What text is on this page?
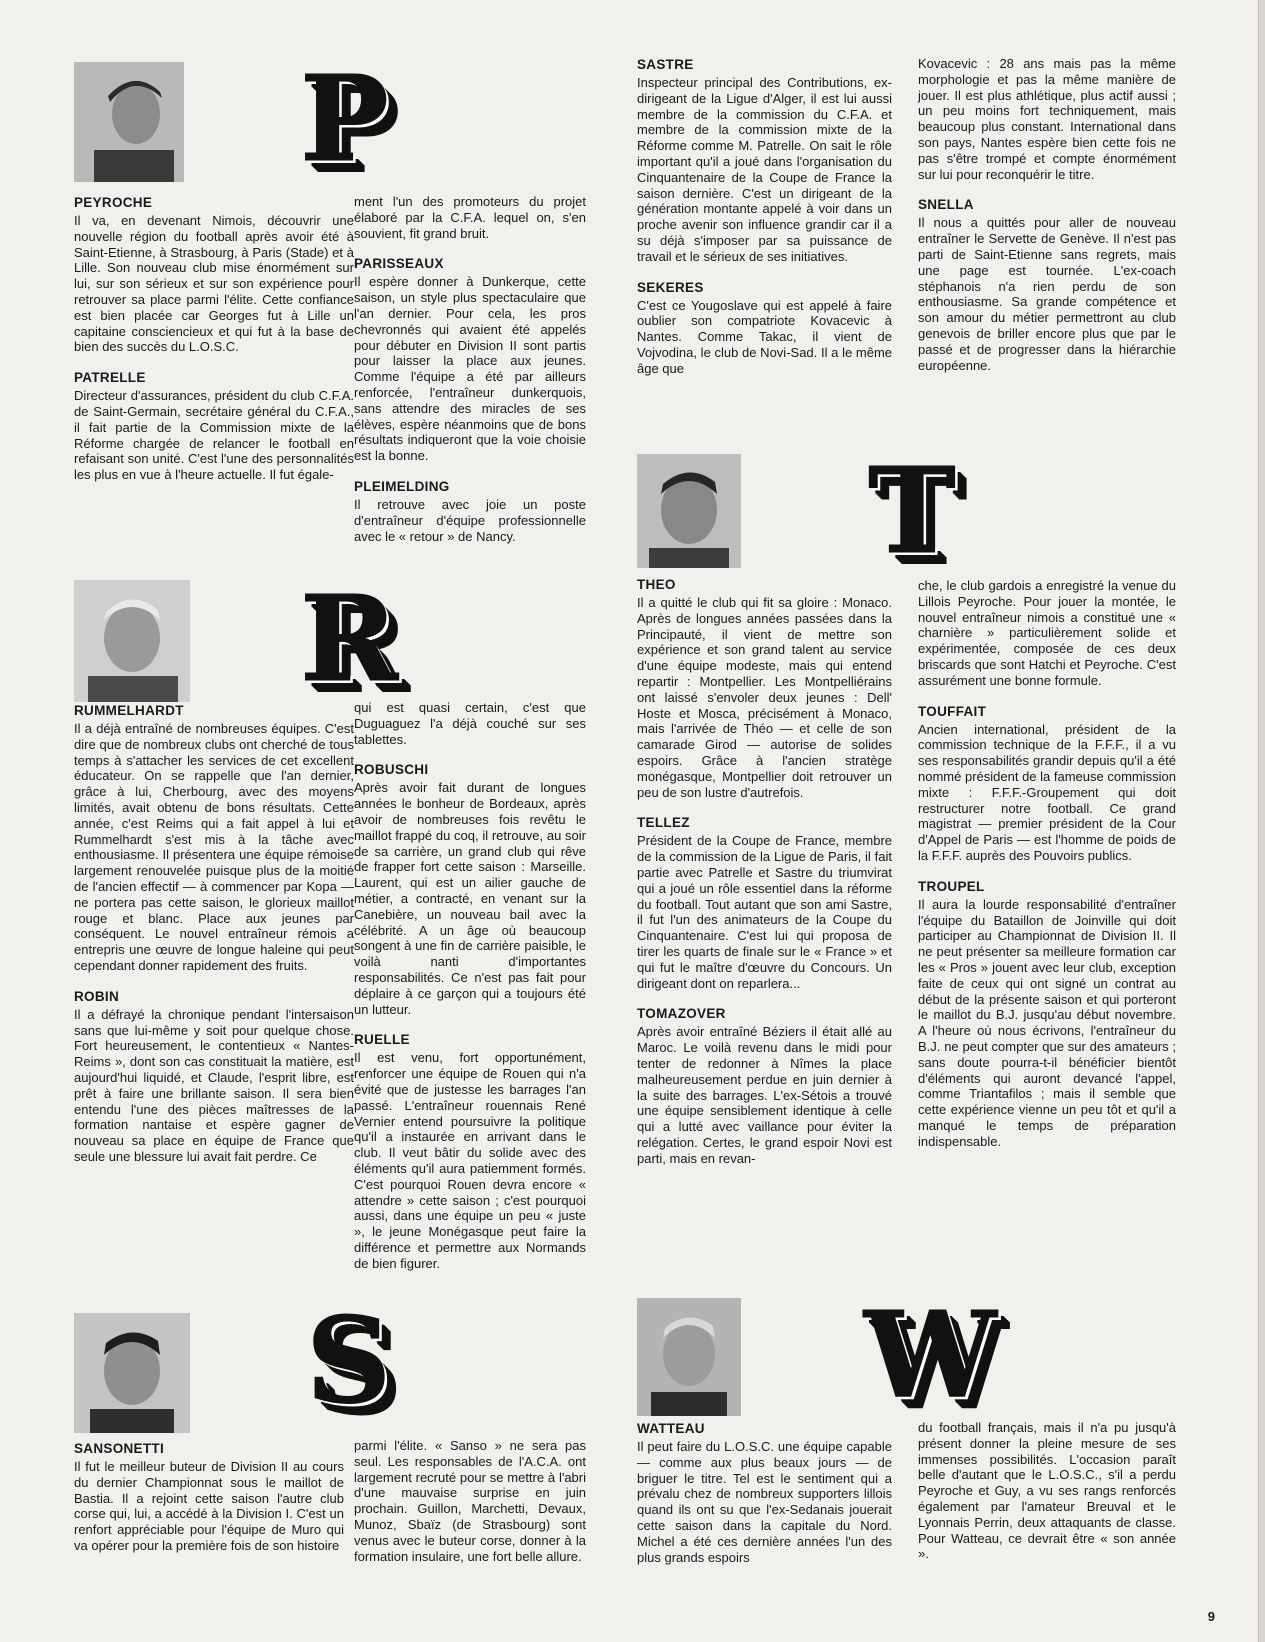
P
R
S
T
W
PEYROCHE

Il va, en devenant Nimois, découvrir une nouvelle région du football après avoir été à Saint-Etienne, à Strasbourg, à Paris (Stade) et à Lille. Son nouveau club mise énormément sur lui, sur son sérieux et sur son expérience pour retrouver sa place parmi l'élite. Cette confiance est bien placée car Georges fut à Lille un capitaine consciencieux et qui fut à la base de bien des succès du L.O.S.C.

PATRELLE

Directeur d'assurances, président du club C.F.A. de Saint-Germain, secrétaire général du C.F.A., il fait partie de la Commission mixte de la Réforme chargée de relancer le football en refaisant son unité. C'est l'une des personnalités les plus en vue à l'heure actuelle. Il fut égale-

ment l'un des promoteurs du projet élaboré par la C.F.A. lequel on, s'en souvient, fit grand bruit.

PARISSEAUX

Il espère donner à Dunkerque, cette saison, un style plus spectaculaire que l'an dernier. Pour cela, les pros chevronnés qui avaient été appelés pour débuter en Division II sont partis pour laisser la place aux jeunes. Comme l'équipe a été par ailleurs renforcée, l'entraîneur dunkerquois, sans attendre des miracles de ses élèves, espère néanmoins que de bons résultats indiqueront que la voie choisie est la bonne.

PLEIMELDING

Il retrouve avec joie un poste d'entraîneur d'équipe professionnelle avec le « retour » de Nancy.

RUMMELHARDT

Il a déjà entraîné de nombreuses équipes. C'est dire que de nombreux clubs ont cherché de tous temps à s'attacher les services de cet excellent éducateur. On se rappelle que l'an dernier, grâce à lui, Cherbourg, avec des moyens limités, avait obtenu de bons résultats. Cette année, c'est Reims qui a fait appel à lui et Rummelhardt s'est mis à la tâche avec enthousiasme. Il présentera une équipe rémoise largement renouvelée puisque plus de la moitié de l'ancien effectif — à commencer par Kopa — ne portera pas cette saison, le glorieux maillot rouge et blanc. Place aux jeunes par conséquent. Le nouvel entraîneur rémois a entrepris une œuvre de longue haleine qui peut cependant donner rapidement des fruits.

ROBIN

Il a défrayé la chronique pendant l'intersaison sans que lui-même y soit pour quelque chose. Fort heureusement, le contentieux « Nantes-Reims », dont son cas constituait la matière, est aujourd'hui liquidé, et Claude, l'esprit libre, est prêt à faire une brillante saison. Il sera bien entendu l'une des pièces maîtresses de la formation nantaise et espère gagner de nouveau sa place en équipe de France que seule une blessure lui avait fait perdre. Ce

qui est quasi certain, c'est que Duguaguez l'a déjà couché sur ses tablettes.

ROBUSCHI

Après avoir fait durant de longues années le bonheur de Bordeaux, après avoir de nombreuses fois revêtu le maillot frappé du coq, il retrouve, au soir de sa carrière, un grand club qui rêve de frapper fort cette saison : Marseille. Laurent, qui est un ailier gauche de métier, a contracté, en venant sur la Canebière, un nouveau bail avec la célébrité. A un âge où beaucoup songent à une fin de carrière paisible, le voilà nanti d'importantes responsabilités. Ce n'est pas fait pour déplaire à ce garçon qui a toujours été un lutteur.

RUELLE

Il est venu, fort opportunément, renforcer une équipe de Rouen qui n'a évité que de justesse les barrages l'an passé. L'entraîneur rouennais René Vernier entend poursuivre la politique qu'il a instaurée en arrivant dans le club. Il veut bâtir du solide avec des éléments qu'il aura patiemment formés. C'est pourquoi Rouen devra encore « attendre » cette saison ; c'est pourquoi aussi, dans une équipe un peu « juste », le jeune Monégasque peut faire la différence et permettre aux Normands de bien figurer.

SANSONETTI

Il fut le meilleur buteur de Division II au cours du dernier Championnat sous le maillot de Bastia. Il a rejoint cette saison l'autre club corse qui, lui, a accédé à la Division I. C'est un renfort appréciable pour l'équipe de Muro qui va opérer pour la première fois de son histoire

parmi l'élite. « Sanso » ne sera pas seul. Les responsables de l'A.C.A. ont largement recruté pour se mettre à l'abri d'une mauvaise surprise en juin prochain. Guillon, Marchetti, Devaux, Munoz, Sbaïz (de Strasbourg) sont venus avec le buteur corse, donner à la formation insulaire, une fort belle allure.

SASTRE

Inspecteur principal des Contributions, ex-dirigeant de la Ligue d'Alger, il est lui aussi membre de la commission du C.F.A. et membre de la commission mixte de la Réforme comme M. Patrelle. On sait le rôle important qu'il a joué dans l'organisation du Cinquantenaire de la Coupe de France la saison dernière. C'est un dirigeant de la génération montante appelé à voir dans un proche avenir son influence grandir car il a su déjà s'imposer par sa puissance de travail et le sérieux de ses initiatives.

SEKERES

C'est ce Yougoslave qui est appelé à faire oublier son compatriote Kovacevic à Nantes. Comme Takac, il vient de Vojvodina, le club de Novi-Sad. Il a le même âge que

Kovacevic : 28 ans mais pas la même morphologie et pas la même manière de jouer. Il est plus athlétique, plus actif aussi ; un peu moins fort techniquement, mais beaucoup plus constant. International dans son pays, Nantes espère bien cette fois ne pas s'être trompé et compte énormément sur lui pour reconquérir le titre.

SNELLA

Il nous a quittés pour aller de nouveau entraîner le Servette de Genève. Il n'est pas parti de Saint-Etienne sans regrets, mais une page est tournée. L'ex-coach stéphanois n'a rien perdu de son enthousiasme. Sa grande compétence et son amour du métier permettront au club genevois de briller encore plus que par le passé et de progresser dans la hiérarchie européenne.

THEO

Il a quitté le club qui fit sa gloire : Monaco. Après de longues années passées dans la Principauté, il vient de mettre son expérience et son grand talent au service d'une équipe modeste, mais qui entend repartir : Montpellier. Les Montpelliérains ont laissé s'envoler deux jeunes : Dell' Hoste et Mosca, précisément à Monaco, mais l'arrivée de Théo — et celle de son camarade Girod — autorise de solides espoirs. Grâce à l'ancien stratège monégasque, Montpellier doit retrouver un peu de son lustre d'autrefois.

TELLEZ

Président de la Coupe de France, membre de la commission de la Ligue de Paris, il fait partie avec Patrelle et Sastre du triumvirat qui a joué un rôle essentiel dans la réforme du football. Tout autant que son ami Sastre, il fut l'un des animateurs de la Coupe du Cinquantenaire. C'est lui qui proposa de tirer les quarts de finale sur le « France » et qui fut le maître d'œuvre du Concours. Un dirigeant dont on reparlera...

TOMAZOVER

Après avoir entraîné Béziers il était allé au Maroc. Le voilà revenu dans le midi pour tenter de redonner à Nîmes la place malheureusement perdue en juin dernier à la suite des barrages. L'ex-Sétois a trouvé une équipe sensiblement identique à celle qui a lutté avec vaillance pour éviter la relégation. Certes, le grand espoir Novi est parti, mais en revan-

che, le club gardois a enregistré la venue du Lillois Peyroche. Pour jouer la montée, le nouvel entraîneur nimois a constitué une « charnière » particulièrement solide et expérimentée, composée de ces deux briscards que sont Hatchi et Peyroche. C'est assurément une bonne formule.

TOUFFAIT

Ancien international, président de la commission technique de la F.F.F., il a vu ses responsabilités grandir depuis qu'il a été nommé président de la fameuse commission mixte : F.F.F.-Groupement qui doit restructurer notre football. Ce grand magistrat — premier président de la Cour d'Appel de Paris — est l'homme de poids de la F.F.F. auprès des Pouvoirs publics.

TROUPEL

Il aura la lourde responsabilité d'entraîner l'équipe du Bataillon de Joinville qui doit participer au Championnat de Division II. Il ne peut présenter sa meilleure formation car les « Pros » jouent avec leur club, exception faite de ceux qui ont signé un contrat au début de la présente saison et qui porteront le maillot du B.J. jusqu'au début novembre. A l'heure où nous écrivons, l'entraîneur du B.J. ne peut compter que sur des amateurs ; sans doute pourra-t-il bénéficier bientôt d'éléments qui auront devancé l'appel, comme Triantafilos ; mais il semble que cette expérience vienne un peu tôt et qu'il a manqué le temps de préparation indispensable.

WATTEAU

Il peut faire du L.O.S.C. une équipe capable — comme aux plus beaux jours — de briguer le titre. Tel est le sentiment qui a prévalu chez de nombreux supporters lillois quand ils ont su que l'ex-Sedanais jouerait cette saison dans la capitale du Nord. Michel a été ces dernière années l'un des plus grands espoirs

du football français, mais il n'a pu jusqu'à présent donner la pleine mesure de ses immenses possibilités. L'occasion paraît belle d'autant que le L.O.S.C., s'il a perdu Peyroche et Guy, a vu ses rangs renforcés également par l'amateur Breuval et le Lyonnais Perrin, deux attaquants de classe. Pour Watteau, ce devrait être « son année ».

9
